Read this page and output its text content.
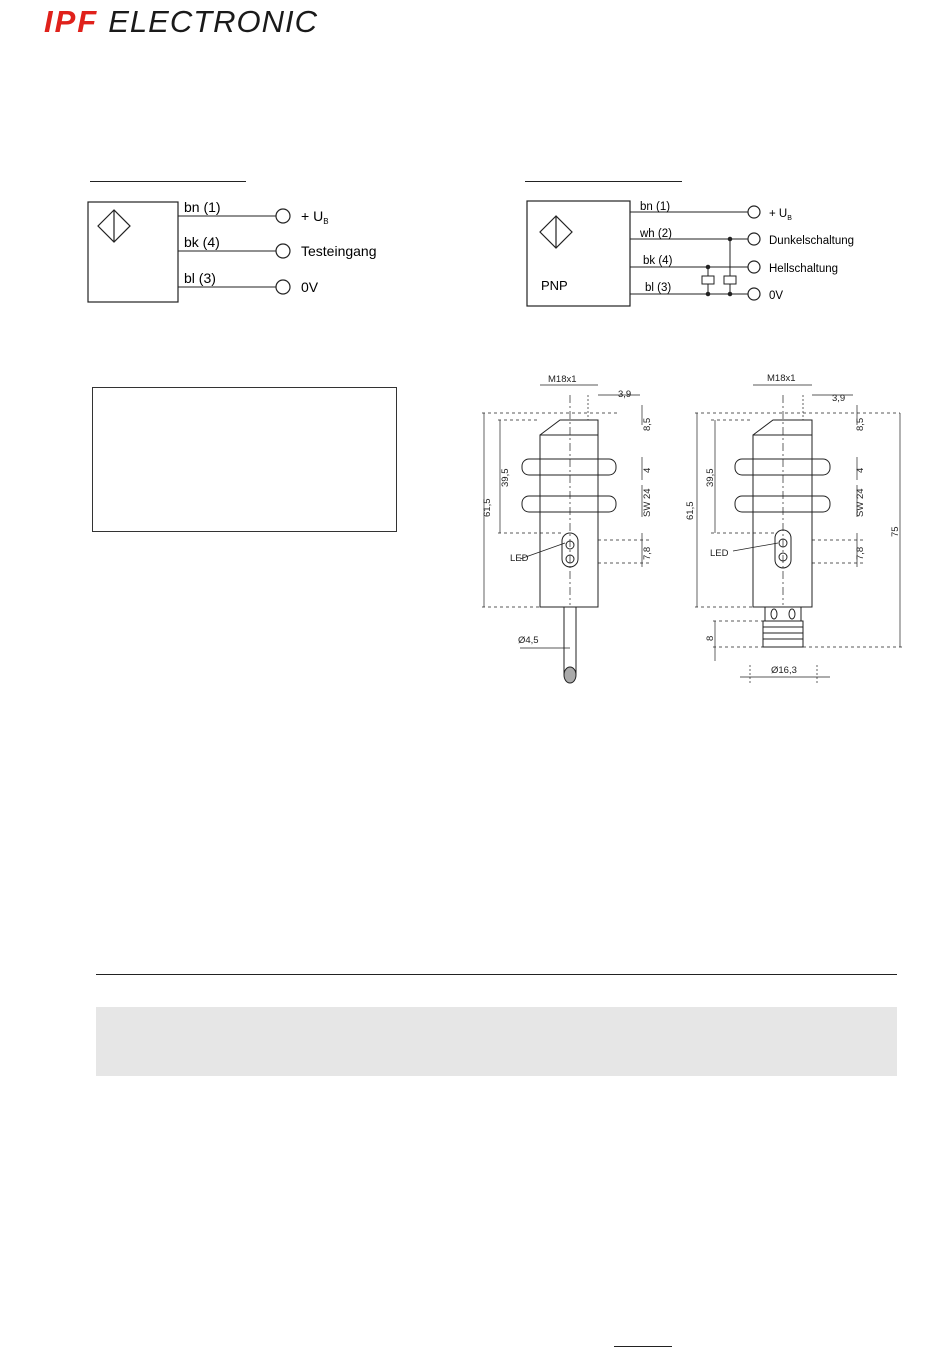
IPF ELECTRONIC
bn (1)
bk (4)
bl (3)
+ $U_B$
Testeingang
0V	PNP
bn (1)
wh (2)
bk (4)
bl (3)
+ $U_B$
Dunkelschaltung
Hellschaltung
0V
M18x1
3,9
LED
Ø4,5
8,5
4
SW 24
7,8
39,5
61,5
M18x1
3,9
LED
Ø16,3
8,5
4
SW 24
7,8
39,5
61,5
8
75
